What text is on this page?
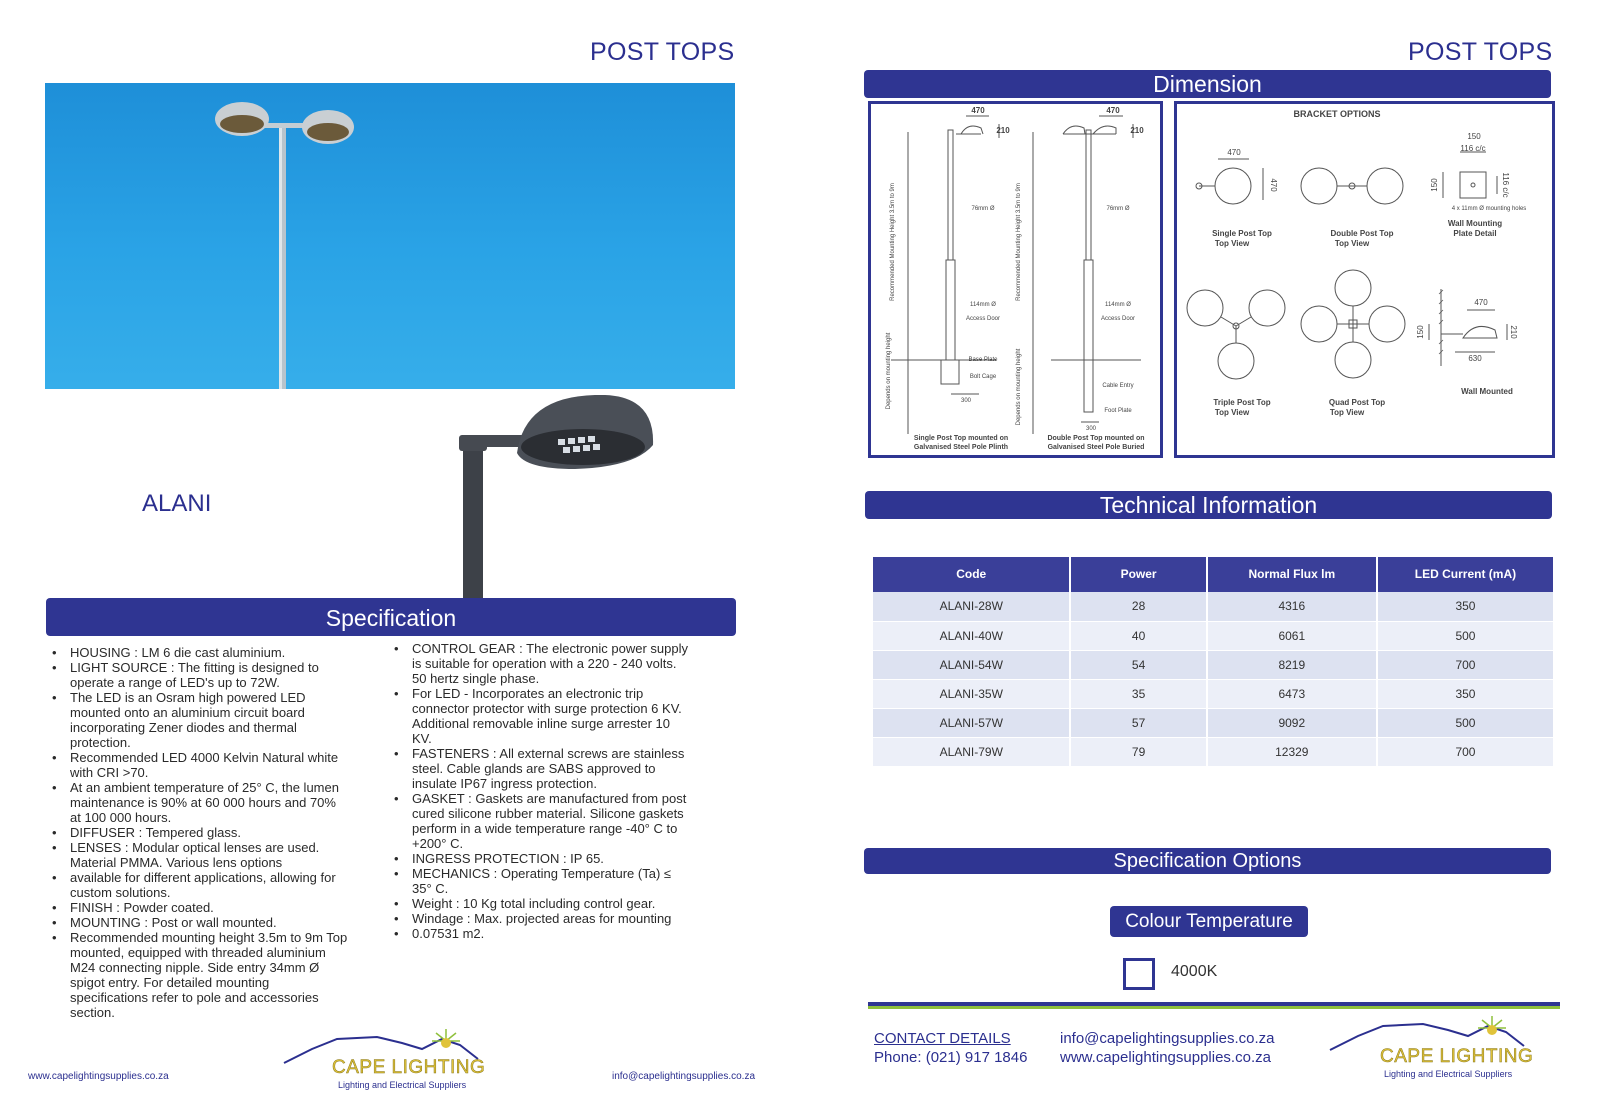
POST TOPS
ALANI
Specification
• HOUSING : LM 6 die cast aluminium.
• LIGHT SOURCE : The fitting is designed to operate a range of LED's up to 72W.
• The LED is an Osram high powered LED mounted onto an aluminium circuit board incorporating Zener diodes and thermal protection.
• Recommended LED 4000 Kelvin Natural white with CRI >70.
• At an ambient temperature of 25° C, the lumen maintenance is 90% at 60 000 hours and 70% at 100 000 hours.
• DIFFUSER : Tempered glass.
• LENSES : Modular optical lenses are used. Material PMMA. Various lens options
• available for different applications, allowing for custom solutions.
• FINISH : Powder coated.
• MOUNTING : Post or wall mounted.
• Recommended mounting height 3.5m to 9m Top mounted, equipped with threaded aluminium M24 connecting nipple. Side entry 34mm Ø spigot entry. For detailed mounting specifications refer to pole and accessories section.
• CONTROL GEAR : The electronic power supply is suitable for operation with a 220 - 240 volts. 50 hertz single phase.
• For LED - Incorporates an electronic trip connector protector with surge protection 6 KV. Additional removable inline surge arrester 10 KV.
• FASTENERS : All external screws are stainless steel. Cable glands are SABS approved to insulate IP67 ingress protection.
• GASKET : Gaskets are manufactured from post cured silicone rubber material. Silicone gaskets perform in a wide temperature range -40° C to +200° C.
• INGRESS PROTECTION : IP 65.
• MECHANICS : Operating Temperature (Ta) ≤ 35° C.
• Weight : 10 Kg total including control gear.
• Windage : Max. projected areas for mounting
• 0.07531 m2.
www.capelightingsupplies.co.za	info@capelightingsupplies.co.za
CAPE LIGHTING
Lighting and Electrical Suppliers
POST TOPS
Dimension
470	470
210	210
Recommended Mounting Height 3.5m to 9m	Recommended Mounting Height 3.5m to 9m
76mm Ø	76mm Ø
114mm Ø	114mm Ø
Access Door	Access Door
Base Plate
Bolt Cage
Cable Entry
Foot Plate
Depends on mounting height	Depends on mounting height
300
300
Single Post Top mounted on
Galvanised Steel Pole Plinth
Double Post Top mounted on
Galvanised Steel Pole Buried
BRACKET OPTIONS
470
470
Single Post Top
Top View
Double Post Top
Top View
150
116 c/c
150	116 c/c
4 x 11mm Ø mounting holes
Wall Mounting
Plate Detail
Triple Post Top
Top View
Quad Post Top
Top View
470
630
150	210
Wall Mounted
Technical Information
Code	Power	Normal Flux lm	LED Current (mA)
ALANI-28W	28	4316	350
ALANI-40W	40	6061	500
ALANI-54W	54	8219	700
ALANI-35W	35	6473	350
ALANI-57W	57	9092	500
ALANI-79W	79	12329	700
Specification Options
Colour Temperature
4000K
CONTACT DETAILS
Phone: (021) 917 1846
info@capelightingsupplies.co.za
www.capelightingsupplies.co.za	CAPE LIGHTING
Lighting and Electrical Suppliers
